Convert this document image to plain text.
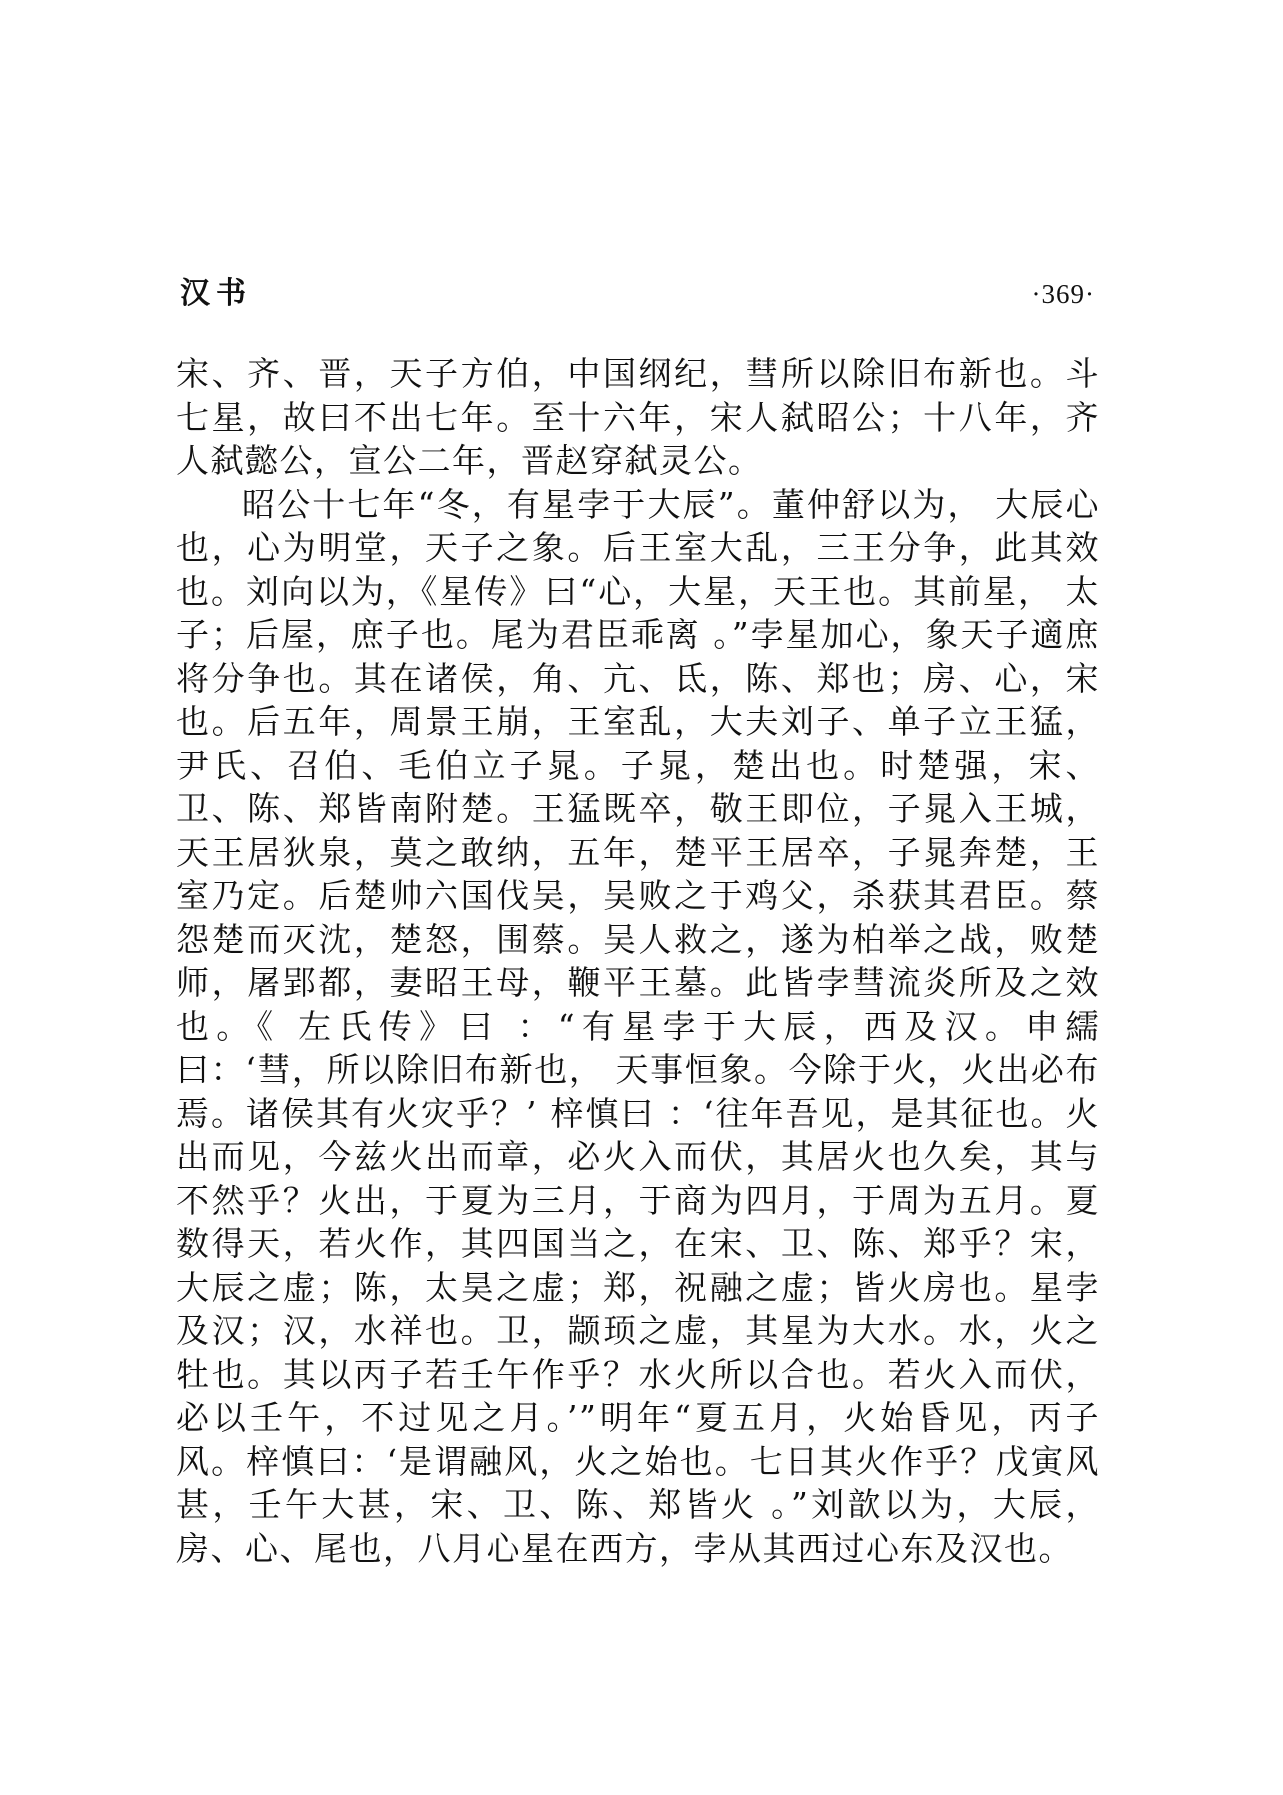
汉书	·369·

宋、齐、晋，天子方伯，中国纲纪，彗所以除旧布新也。斗七星，故曰不出七年。至十六年，宋人弑昭公；十八年，齐人弑懿公，宣公二年，晋赵穿弑灵公。

昭公十七年“冬，有星孛于大辰”。董仲舒以为， 大辰心也，心为明堂，天子之象。后王室大乱，三王分争，此其效也。刘向以为，《星传》曰“心，大星，天王也。其前星， 太子；后屋，庶子也。尾为君臣乖离 。”孛星加心，象天子適庶将分争也。其在诸侯，角、亢、氐，陈、郑也；房、心，宋也。后五年，周景王崩，王室乱，大夫刘子、单子立王猛，尹氏、召伯、毛伯立子晁。子晁，楚出也。时楚强，宋、卫、陈、郑皆南附楚。王猛既卒，敬王即位，子晁入王城，天王居狄泉，莫之敢纳，五年，楚平王居卒，子晁奔楚，王室乃定。后楚帅六国伐吴，吴败之于鸡父，杀获其君臣。蔡怨楚而灭沈，楚怒，围蔡。吴人救之，遂为柏举之战，败楚师，屠郢都，妻昭王母，鞭平王墓。此皆孛彗流炎所及之效也。《 左氏传》曰 ：“有星孛于大辰，西及汉。申繻曰：‘彗，所以除旧布新也， 天事恒象。今除于火，火出必布焉。诸侯其有火灾乎？’ 梓慎曰 ：‘往年吾见，是其征也。火出而见，今兹火出而章，必火入而伏，其居火也久矣，其与不然乎？火出，于夏为三月，于商为四月，于周为五月。夏数得天，若火作，其四国当之，在宋、卫、陈、郑乎？宋，大辰之虚；陈，太昊之虚；郑，祝融之虚；皆火房也。星孛及汉；汉，水祥也。卫，颛顼之虚，其星为大水。水，火之牡也。其以丙子若壬午作乎？水火所以合也。若火入而伏，必以壬午，不过见之月。’”明年“夏五月，火始昏见，丙子风。梓慎曰：‘是谓融风，火之始也。七日其火作乎？戊寅风甚，壬午大甚，宋、卫、陈、郑皆火 。”刘歆以为，大辰，房、心、尾也，八月心星在西方，孛从其西过心东及汉也。
